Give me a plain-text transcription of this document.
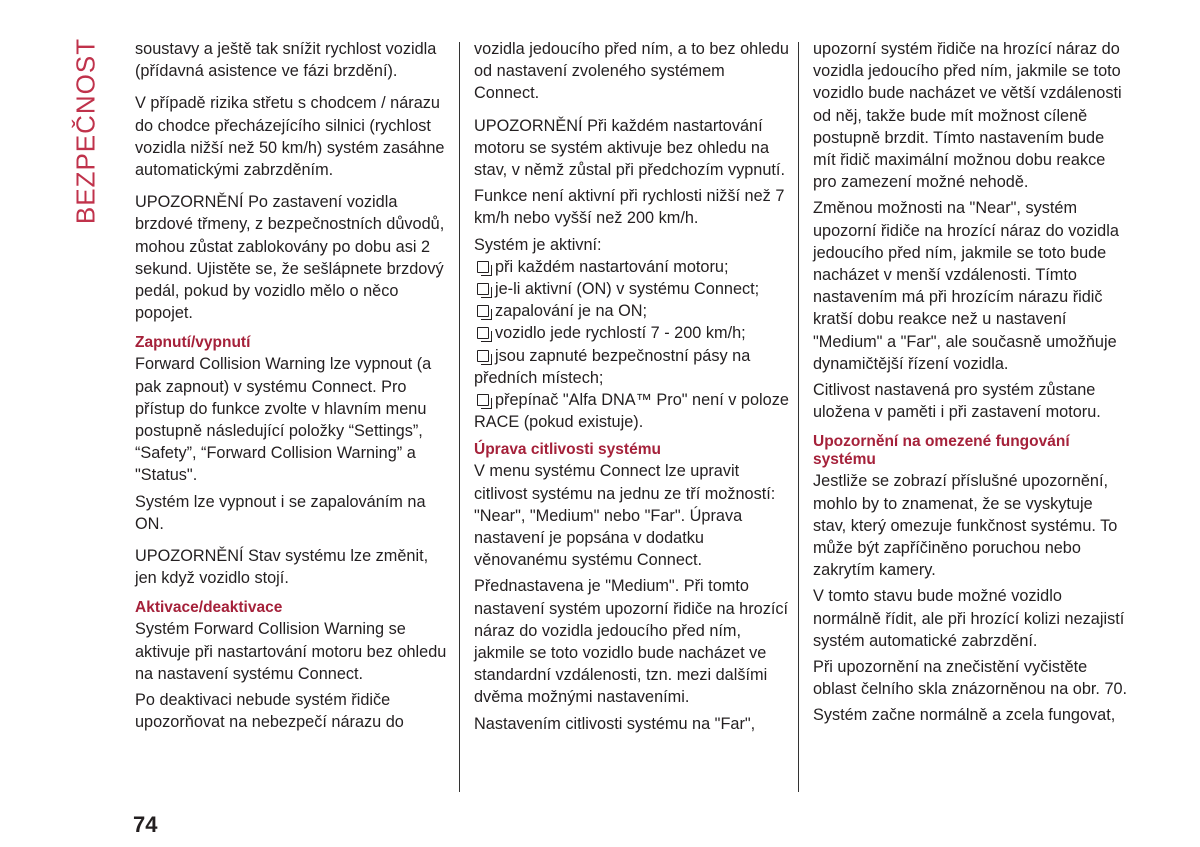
BEZPEČNOST soustavy a ještě tak snížit rychlost vozidla (přídavná asistence ve fázi brzdění).

V případě rizika střetu s chodcem / nárazu do chodce přecházejícího silnici (rychlost vozidla nižší než 50 km/h) systém zasáhne automatickými zabrzděním.

UPOZORNĚNÍ Po zastavení vozidla brzdové třmeny, z bezpečnostních důvodů, mohou zůstat zablokovány po dobu asi 2 sekund. Ujistěte se, že sešlápnete brzdový pedál, pokud by vozidlo mělo o něco popojet.

Zapnutí/vypnutí

Forward Collision Warning lze vypnout (a pak zapnout) v systému Connect. Pro přístup do funkce zvolte v hlavním menu postupně následující položky “Settings”, “Safety”, “Forward Collision Warning” a "Status".

Systém lze vypnout i se zapalováním na ON.

UPOZORNĚNÍ Stav systému lze změnit, jen když vozidlo stojí.

Aktivace/deaktivace

Systém Forward Collision Warning se aktivuje při nastartování motoru bez ohledu na nastavení systému Connect.

Po deaktivaci nebude systém řidiče upozorňovat na nebezpečí nárazu do

vozidla jedoucího před ním, a to bez ohledu od nastavení zvoleného systémem Connect.

UPOZORNĚNÍ Při každém nastartování motoru se systém aktivuje bez ohledu na stav, v němž zůstal při předchozím vypnutí.

Funkce není aktivní při rychlosti nižší než 7 km/h nebo vyšší než 200 km/h.

Systém je aktivní:

při každém nastartování motoru;
je-li aktivní (ON) v systému Connect;
zapalování je na ON;
vozidlo jede rychlostí 7 - 200 km/h;
jsou zapnuté bezpečnostní pásy na předních místech;
přepínač "Alfa DNA™ Pro" není v poloze RACE (pokud existuje).
Úprava citlivosti systému

V menu systému Connect lze upravit citlivost systému na jednu ze tří možností: "Near", "Medium" nebo "Far". Úprava nastavení je popsána v dodatku věnovanému systému Connect.

Přednastavena je "Medium". Při tomto nastavení systém upozorní řidiče na hrozící náraz do vozidla jedoucího před ním, jakmile se toto vozidlo bude nacházet ve standardní vzdálenosti, tzn. mezi dalšími dvěma možnými nastaveními.

Nastavením citlivosti systému na "Far",

upozorní systém řidiče na hrozící náraz do vozidla jedoucího před ním, jakmile se toto vozidlo bude nacházet ve větší vzdálenosti od něj, takže bude mít možnost cíleně postupně brzdit. Tímto nastavením bude mít řidič maximální možnou dobu reakce pro zamezení možné nehodě.

Změnou možnosti na "Near", systém upozorní řidiče na hrozící náraz do vozidla jedoucího před ním, jakmile se toto bude nacházet v menší vzdálenosti. Tímto nastavením má při hrozícím nárazu řidič kratší dobu reakce než u nastavení "Medium" a "Far", ale současně umožňuje dynamičtější řízení vozidla.

Citlivost nastavená pro systém zůstane uložena v paměti i při zastavení motoru.

Upozornění na omezené fungování systému

Jestliže se zobrazí příslušné upozornění, mohlo by to znamenat, že se vyskytuje stav, který omezuje funkčnost systému. To může být zapříčiněno poruchou nebo zakrytím kamery.

V tomto stavu bude možné vozidlo normálně řídit, ale při hrozící kolizi nezajistí systém automatické zabrzdění.

Při upozornění na znečistění vyčistěte oblast čelního skla znázorněnou na obr. 70.

Systém začne normálně a zcela fungovat,

74
